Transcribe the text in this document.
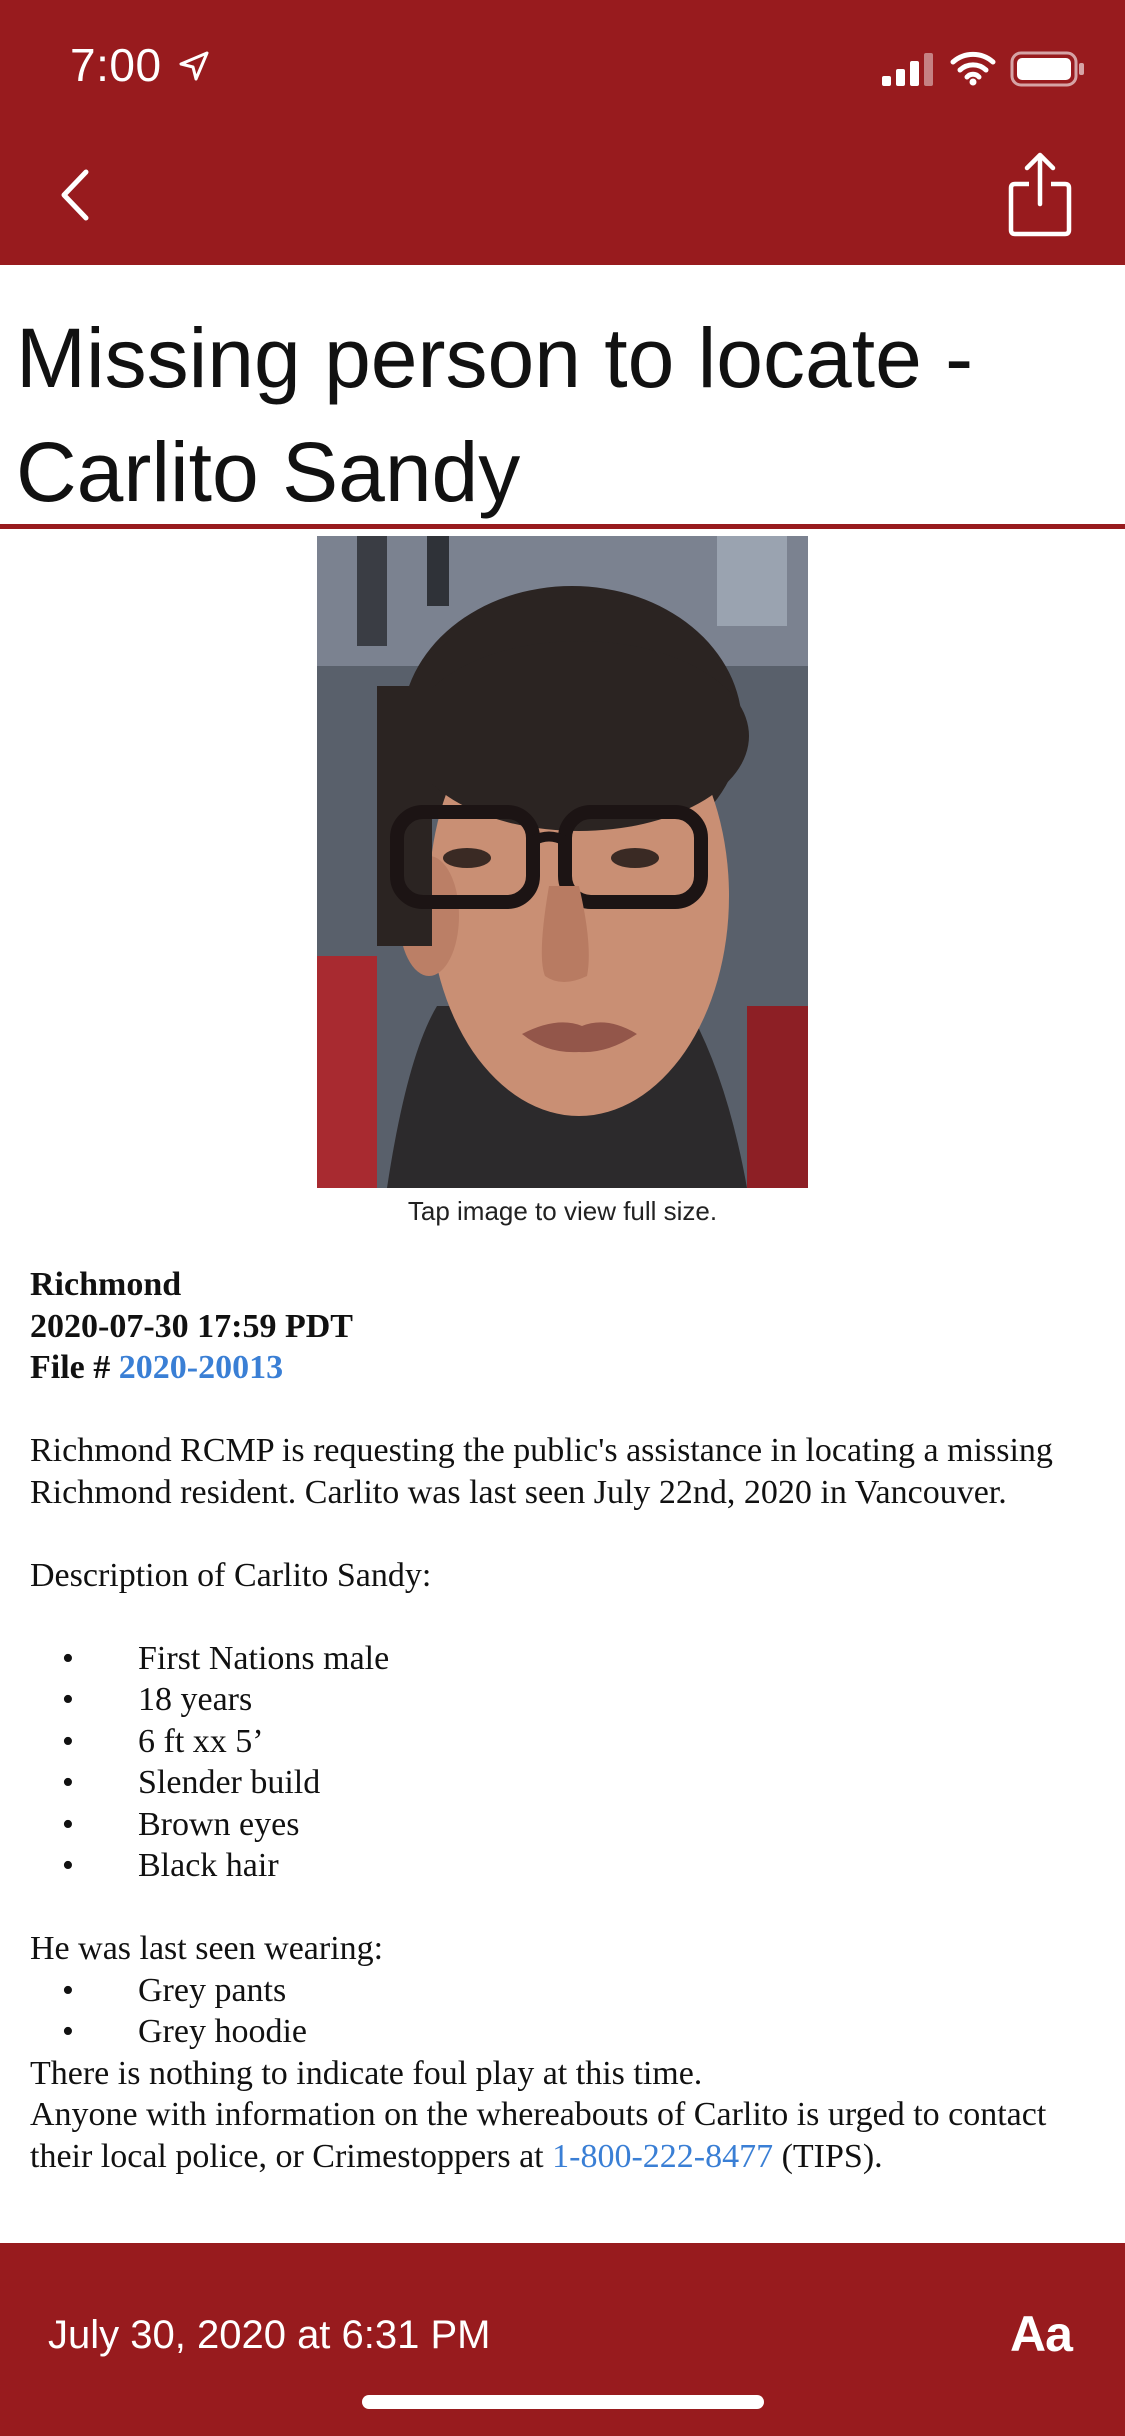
7:00
Missing person to locate - Carlito Sandy
Tap image to view full size.

Richmond

2020-07-30 17:59 PDT

File # 2020-20013

Richmond RCMP is requesting the public's assistance in locating a missing Richmond resident. Carlito was last seen July 22nd, 2020 in Vancouver.

Description of Carlito Sandy:

• First Nations male
• 18 years
• 6 ft xx 5’
• Slender build
• Brown eyes
• Black hair

He was last seen wearing:

• Grey pants
• Grey hoodie

There is nothing to indicate foul play at this time.

Anyone with information on the whereabouts of Carlito is urged to contact their local police, or Crimestoppers at 1-800-222-8477 (TIPS).

July 30, 2020 at 6:31 PM	Aa
